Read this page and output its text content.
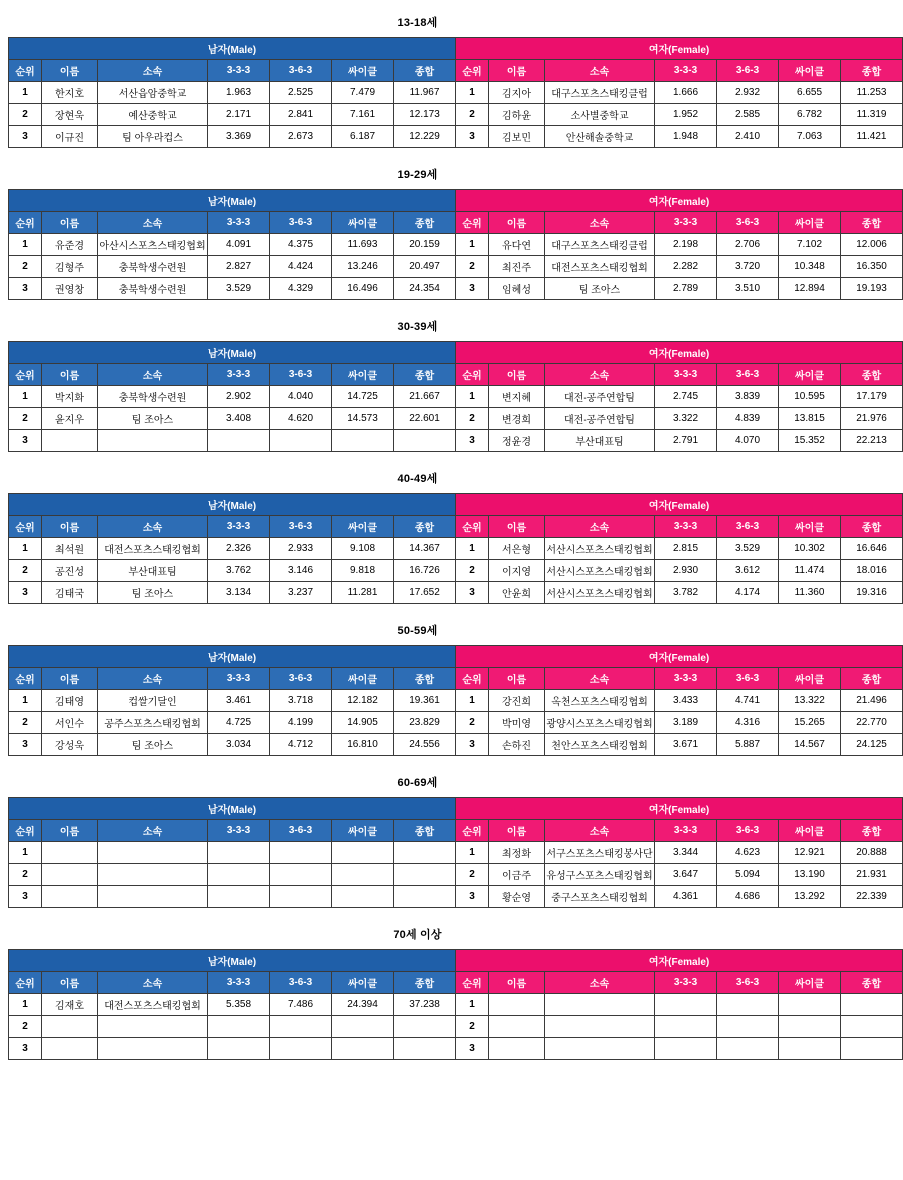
13-18세
남자(Male)							여자(Female)						
순위	이름	소속	3-3-3	3-6-3	싸이클	종합	순위	이름	소속	3-3-3	3-6-3	싸이클	종합
1	한지호	서산읍암중학교	1.963	2.525	7.479	11.967	1	김지아	대구스포츠스태킹클럽	1.666	2.932	6.655	11.253
2	장현욱	예산중학교	2.171	2.841	7.161	12.173	2	김하윤	소사별중학교	1.952	2.585	6.782	11.319
3	이규진	팀 아우라컵스	3.369	2.673	6.187	12.229	3	김보민	안산해솔중학교	1.948	2.410	7.063	11.421
19-29세
남자(Male)							여자(Female)						
순위	이름	소속	3-3-3	3-6-3	싸이클	종합	순위	이름	소속	3-3-3	3-6-3	싸이클	종합
1	유준경	아산시스포츠스태킹협회	4.091	4.375	11.693	20.159	1	유다연	대구스포츠스태킹클럽	2.198	2.706	7.102	12.006
2	김형주	충북학생수련원	2.827	4.424	13.246	20.497	2	최진주	대전스포츠스태킹협회	2.282	3.720	10.348	16.350
3	권영창	충북학생수련원	3.529	4.329	16.496	24.354	3	임혜성	팀 조아스	2.789	3.510	12.894	19.193
30-39세
남자(Male)							여자(Female)						
순위	이름	소속	3-3-3	3-6-3	싸이클	종합	순위	이름	소속	3-3-3	3-6-3	싸이클	종합
1	박지화	충북학생수련원	2.902	4.040	14.725	21.667	1	변지혜	대전-공주연합팀	2.745	3.839	10.595	17.179
2	윤지우	팀 조아스	3.408	4.620	14.573	22.601	2	변경희	대전-공주연합팀	3.322	4.839	13.815	21.976
3							3	정윤경	부산대표팀	2.791	4.070	15.352	22.213
40-49세
남자(Male)							여자(Female)						
순위	이름	소속	3-3-3	3-6-3	싸이클	종합	순위	이름	소속	3-3-3	3-6-3	싸이클	종합
1	최석원	대전스포츠스태킹협회	2.326	2.933	9.108	14.367	1	서은형	서산시스포츠스태킹협회	2.815	3.529	10.302	16.646
2	공진성	부산대표팀	3.762	3.146	9.818	16.726	2	이지영	서산시스포츠스태킹협회	2.930	3.612	11.474	18.016
3	김태국	팀 조아스	3.134	3.237	11.281	17.652	3	안윤희	서산시스포츠스태킹협회	3.782	4.174	11.360	19.316
50-59세
남자(Male)							여자(Female)						
순위	이름	소속	3-3-3	3-6-3	싸이클	종합	순위	이름	소속	3-3-3	3-6-3	싸이클	종합
1	김태영	컵쌀기달인	3.461	3.718	12.182	19.361	1	강진희	옥천스포츠스태킹협회	3.433	4.741	13.322	21.496
2	서인수	공주스포츠스태킹협회	4.725	4.199	14.905	23.829	2	박미영	광양시스포츠스태킹협회	3.189	4.316	15.265	22.770
3	강성욱	팀 조아스	3.034	4.712	16.810	24.556	3	손하진	천안스포츠스태킹협회	3.671	5.887	14.567	24.125
60-69세
남자(Male)							여자(Female)						
순위	이름	소속	3-3-3	3-6-3	싸이클	종합	순위	이름	소속	3-3-3	3-6-3	싸이클	종합
1							1	최정화	서구스포츠스태킹봉사단	3.344	4.623	12.921	20.888
2							2	이금주	유성구스포츠스태킹협회	3.647	5.094	13.190	21.931
3							3	황순영	중구스포츠스태킹협회	4.361	4.686	13.292	22.339
70세 이상
남자(Male)							여자(Female)						
순위	이름	소속	3-3-3	3-6-3	싸이클	종합	순위	이름	소속	3-3-3	3-6-3	싸이클	종합
1	김재호	대전스포츠스태킹협회	5.358	7.486	24.394	37.238	1						
2							2						
3							3						
